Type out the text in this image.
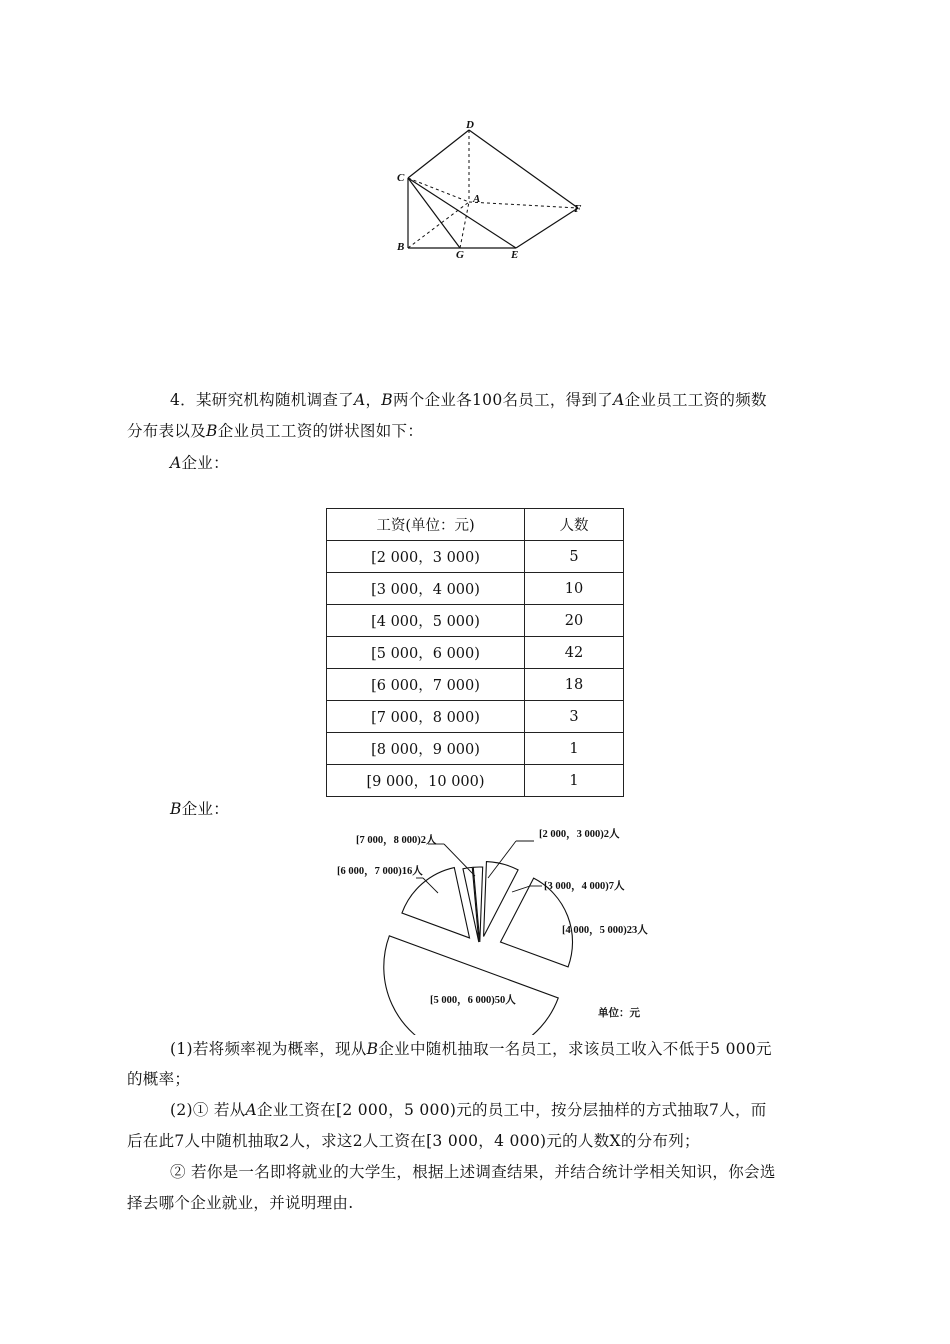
D
C
A
F
B
G	E
4．某研究机构随机调查了A，B两个企业各100名员工，得到了A企业员工工资的频数
分布表以及B企业员工工资的饼状图如下：
A企业：
工资(单位：元)	人数
[2 000，3 000)	5
[3 000，4 000)	10
[4 000，5 000)	20
[5 000，6 000)	42
[6 000，7 000)	18
[7 000，8 000)	3
[8 000，9 000)	1
[9 000，10 000)	1
B企业：
[7 000，8 000)2人
[2 000，3 000)2人
[6 000，7 000)16人
[3 000，4 000)7人
[4 000，5 000)23人
[5 000，6 000)50人
单位：元
(1)若将频率视为概率，现从B企业中随机抽取一名员工，求该员工收入不低于5 000元
的概率；
(2)① 若从A企业工资在[2 000，5 000)元的员工中，按分层抽样的方式抽取7人，而
后在此7人中随机抽取2人，求这2人工资在[3 000，4 000)元的人数X的分布列；
② 若你是一名即将就业的大学生，根据上述调查结果，并结合统计学相关知识，你会选
择去哪个企业就业，并说明理由.
